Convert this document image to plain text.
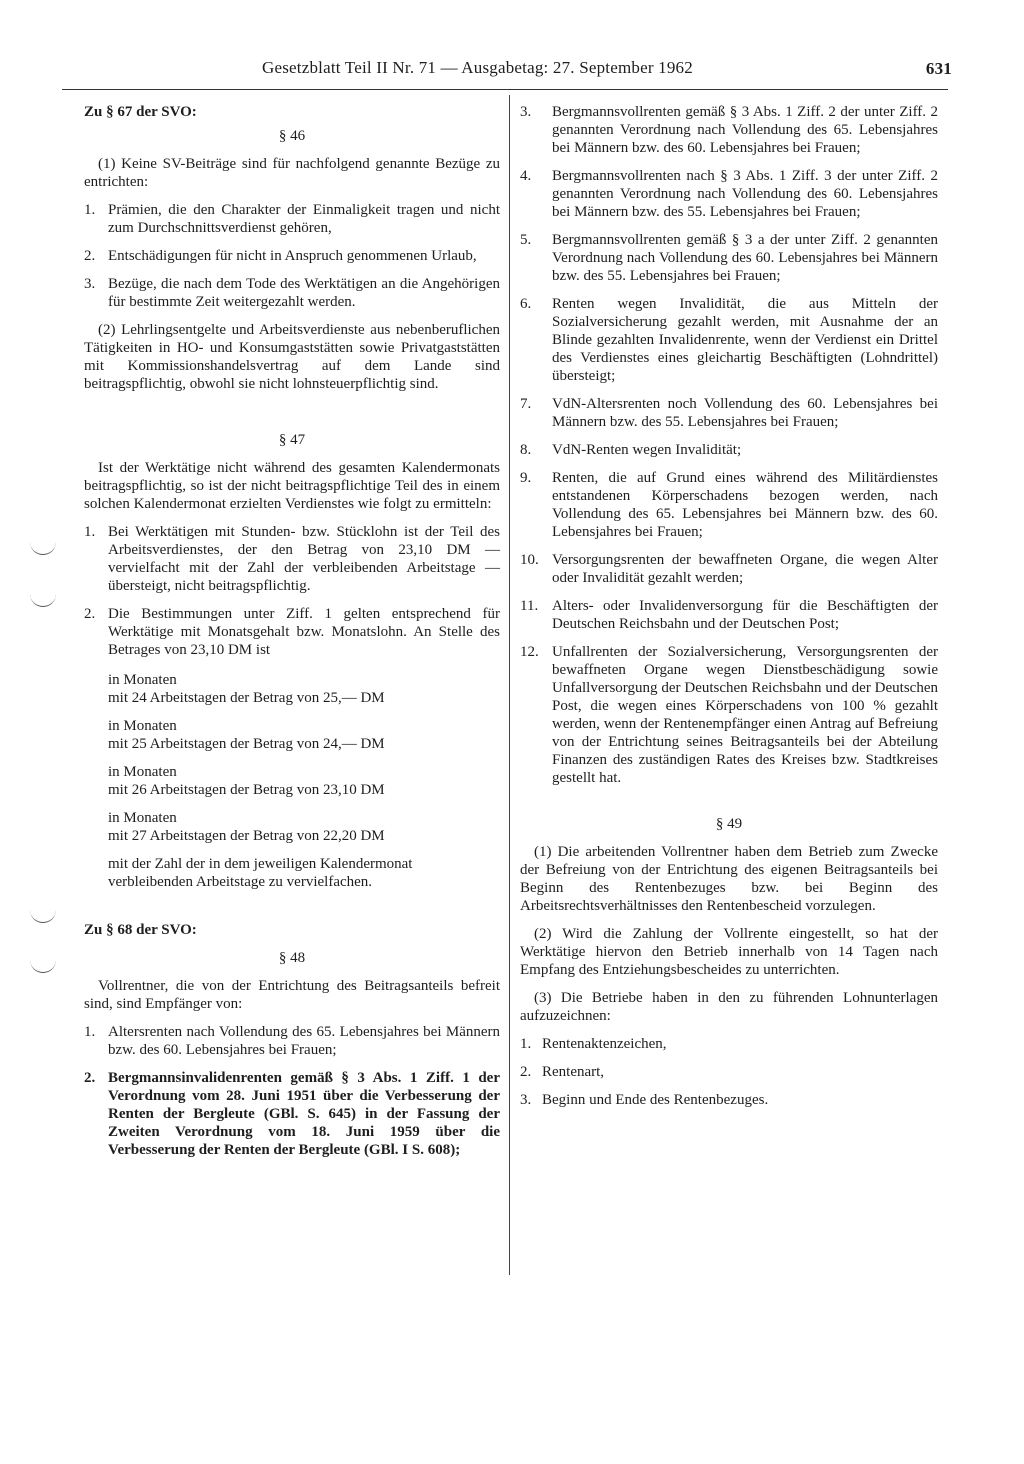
Gesetzblatt Teil II Nr. 71 — Ausgabetag: 27. September 1962	631
Zu § 67 der SVO:
§ 46

(1) Keine SV-Beiträge sind für nachfolgend genannte Bezüge zu entrichten:

1. Prämien, die den Charakter der Einmaligkeit tragen und nicht zum Durchschnittsverdienst gehören,
2. Entschädigungen für nicht in Anspruch genommenen Urlaub,
3. Bezüge, die nach dem Tode des Werktätigen an die Angehörigen für bestimmte Zeit weitergezahlt werden.

(2) Lehrlingsentgelte und Arbeitsverdienste aus nebenberuflichen Tätigkeiten in HO- und Konsumgaststätten sowie Privatgaststätten mit Kommissionshandelsvertrag auf dem Lande sind beitragspflichtig, obwohl sie nicht lohnsteuerpflichtig sind.

§ 47

Ist der Werktätige nicht während des gesamten Kalendermonats beitragspflichtig, so ist der nicht beitragspflichtige Teil des in einem solchen Kalendermonat erzielten Verdienstes wie folgt zu ermitteln:

1. Bei Werktätigen mit Stunden- bzw. Stücklohn ist der Teil des Arbeitsverdienstes, der den Betrag von 23,10 DM — vervielfacht mit der Zahl der verbleibenden Arbeitstage — übersteigt, nicht beitragspflichtig.
2. Die Bestimmungen unter Ziff. 1 gelten entsprechend für Werktätige mit Monatsgehalt bzw. Monatslohn. An Stelle des Betrages von 23,10 DM ist
in Monaten
mit 24 Arbeitstagen der Betrag von 25,— DM
in Monaten
mit 25 Arbeitstagen der Betrag von 24,— DM
in Monaten
mit 26 Arbeitstagen der Betrag von 23,10 DM
in Monaten
mit 27 Arbeitstagen der Betrag von 22,20 DM
mit der Zahl der in dem jeweiligen Kalendermonat verbleibenden Arbeitstage zu vervielfachen.
Zu § 68 der SVO:
§ 48

Vollrentner, die von der Entrichtung des Beitragsanteils befreit sind, sind Empfänger von:

1. Altersrenten nach Vollendung des 65. Lebensjahres bei Männern bzw. des 60. Lebensjahres bei Frauen;
2. Bergmannsinvalidenrenten gemäß § 3 Abs. 1 Ziff. 1 der Verordnung vom 28. Juni 1951 über die Verbesserung der Renten der Bergleute (GBl. S. 645) in der Fassung der Zweiten Verordnung vom 18. Juni 1959 über die Verbesserung der Renten der Bergleute (GBl. I S. 608);
3.	Bergmannsvollrenten gemäß § 3 Abs. 1 Ziff. 2 der unter Ziff. 2 genannten Verordnung nach Vollendung des 65. Lebensjahres bei Männern bzw. des 60. Lebensjahres bei Frauen;
4.	Bergmannsvollrenten nach § 3 Abs. 1 Ziff. 3 der unter Ziff. 2 genannten Verordnung nach Vollendung des 60. Lebensjahres bei Männern bzw. des 55. Lebensjahres bei Frauen;
5.	Bergmannsvollrenten gemäß § 3 a der unter Ziff. 2 genannten Verordnung nach Vollendung des 60. Lebensjahres bei Männern bzw. des 55. Lebensjahres bei Frauen;
6.	Renten wegen Invalidität, die aus Mitteln der Sozialversicherung gezahlt werden, mit Ausnahme der an Blinde gezahlten Invalidenrente, wenn der Verdienst ein Drittel des Verdienstes eines gleichartig Beschäftigten (Lohndrittel) übersteigt;
7.	VdN-Altersrenten noch Vollendung des 60. Lebensjahres bei Männern bzw. des 55. Lebensjahres bei Frauen;
8.	VdN-Renten wegen Invalidität;
9.	Renten, die auf Grund eines während des Militärdienstes entstandenen Körperschadens bezogen werden, nach Vollendung des 65. Lebensjahres bei Männern bzw. des 60. Lebensjahres bei Frauen;
10. Versorgungsrenten der bewaffneten Organe, die wegen Alter oder Invalidität gezahlt werden;
11. Alters- oder Invalidenversorgung für die Beschäftigten der Deutschen Reichsbahn und der Deutschen Post;
12. Unfallrenten der Sozialversicherung, Versorgungsrenten der bewaffneten Organe wegen Dienstbeschädigung sowie Unfallversorgung der Deutschen Reichsbahn und der Deutschen Post, die wegen eines Körperschadens von 100 % gezahlt werden, wenn der Rentenempfänger einen Antrag auf Befreiung von der Entrichtung seines Beitragsanteils bei der Abteilung Finanzen des zuständigen Rates des Kreises bzw. Stadtkreises gestellt hat.
§ 49

(1) Die arbeitenden Vollrentner haben dem Betrieb zum Zwecke der Befreiung von der Entrichtung des eigenen Beitragsanteils bei Beginn des Rentenbezuges bzw. bei Beginn des Arbeitsrechtsverhältnisses den Rentenbescheid vorzulegen.

(2) Wird die Zahlung der Vollrente eingestellt, so hat der Werktätige hiervon den Betrieb innerhalb von 14 Tagen nach Empfang des Entziehungsbescheides zu unterrichten.

(3) Die Betriebe haben in den zu führenden Lohnunterlagen aufzuzeichnen:

1. Rentenaktenzeichen,
2. Rentenart,
3. Beginn und Ende des Rentenbezuges.
